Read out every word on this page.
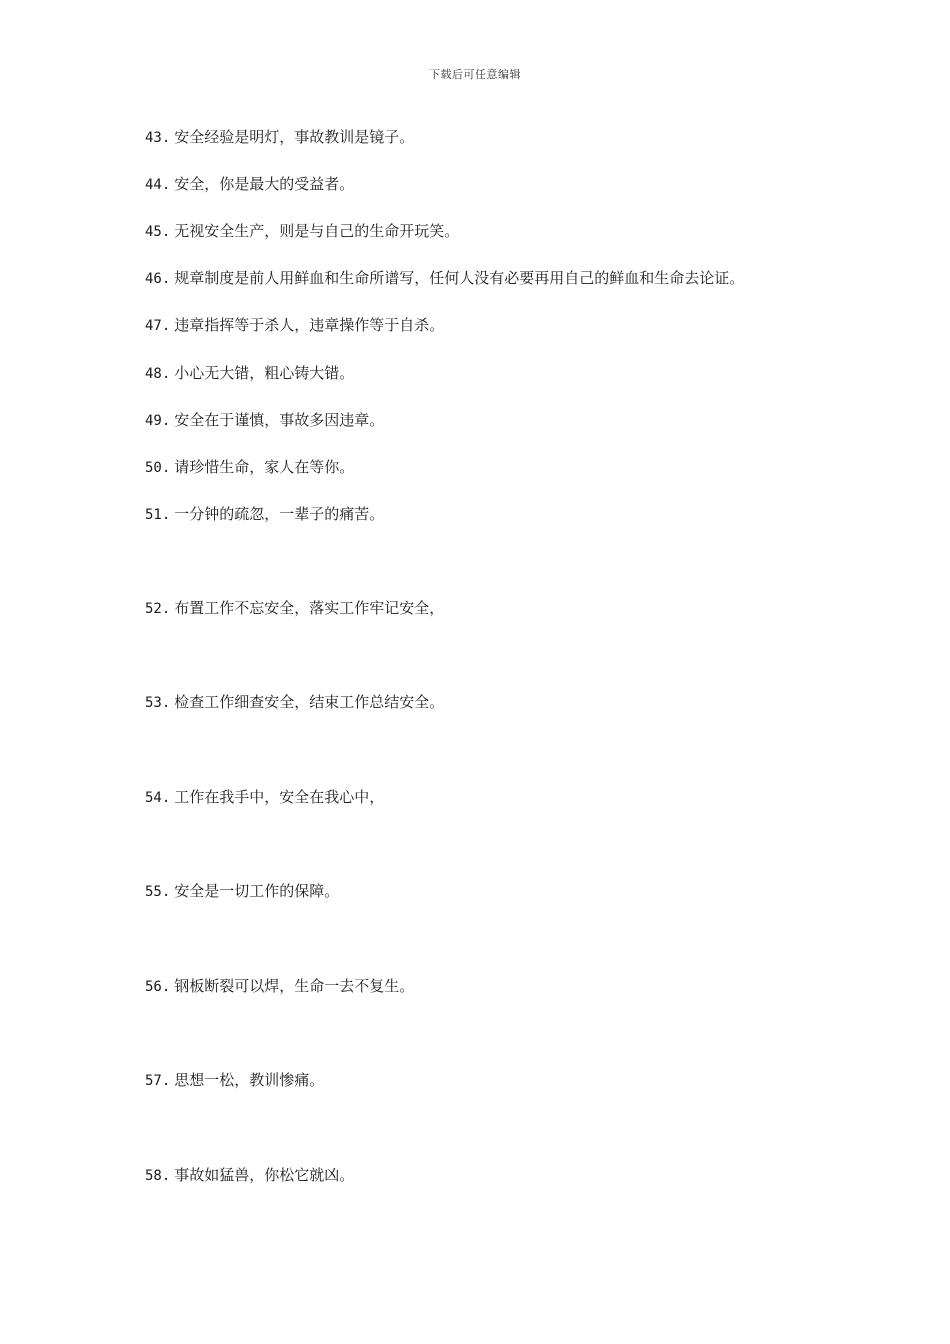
下载后可任意编辑
43. 安全经验是明灯，事故教训是镜子。
44. 安全，你是最大的受益者。
45. 无视安全生产，则是与自己的生命开玩笑。
46. 规章制度是前人用鲜血和生命所谱写，任何人没有必要再用自己的鲜血和生命去论证。
47. 违章指挥等于杀人，违章操作等于自杀。
48. 小心无大错，粗心铸大错。
49. 安全在于谨慎，事故多因违章。
50. 请珍惜生命，家人在等你。
51. 一分钟的疏忽，一辈子的痛苦。
52. 布置工作不忘安全，落实工作牢记安全，
53. 检查工作细查安全，结束工作总结安全。
54. 工作在我手中，安全在我心中，
55. 安全是一切工作的保障。
56. 钢板断裂可以焊，生命一去不复生。
57. 思想一松，教训惨痛。
58. 事故如猛兽，你松它就凶。
